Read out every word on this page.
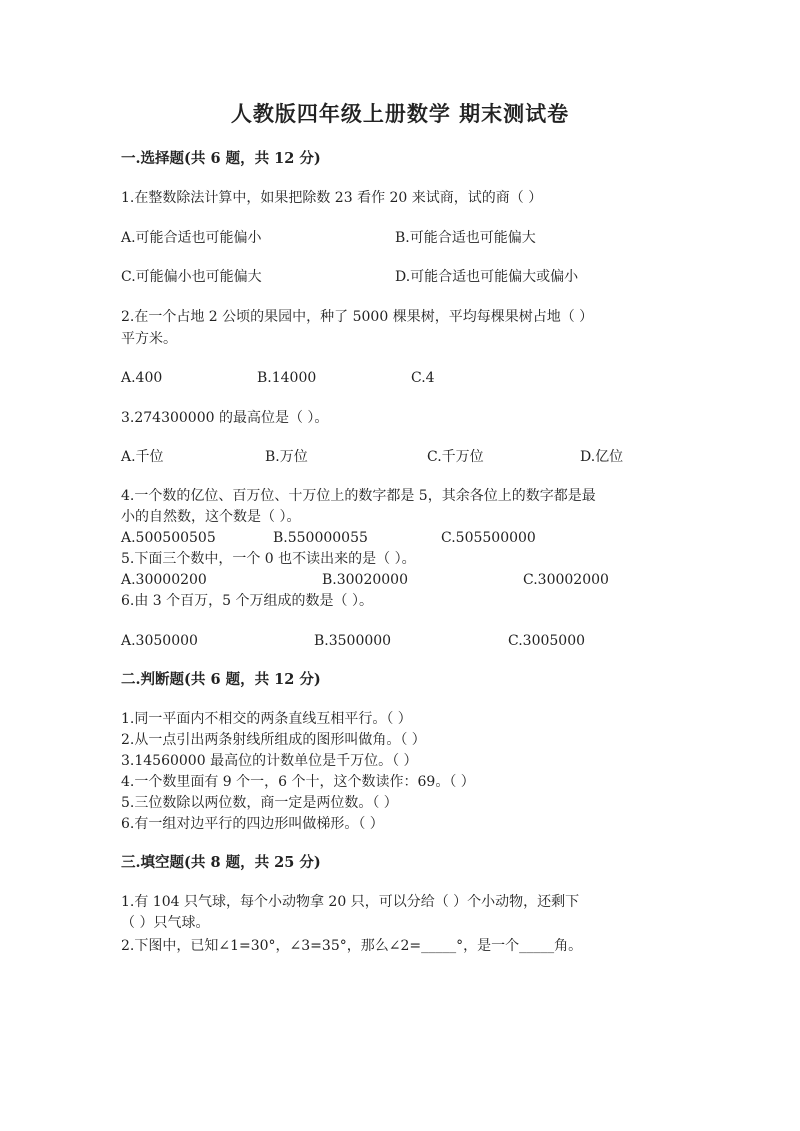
人教版四年级上册数学 期末测试卷
一.选择题(共 6 题，共 12 分)
1.在整数除法计算中，如果把除数 23 看作 20 来试商，试的商（ ）
A.可能合适也可能偏小	B.可能合适也可能偏大
C.可能偏小也可能偏大	D.可能合适也可能偏大或偏小
2.在一个占地 2 公顷的果园中，种了 5000 棵果树，平均每棵果树占地（ ）
平方米。
A.400	B.14000	C.4
3.274300000 的最高位是（ ）。
A.千位	B.万位	C.千万位	D.亿位
4.一个数的亿位、百万位、十万位上的数字都是 5，其余各位上的数字都是最
小的自然数，这个数是（ ）。
A.500500505	B.550000055	C.505500000
5.下面三个数中，一个 0 也不读出来的是（ ）。
A.30000200	B.30020000	C.30002000
6.由 3 个百万，5 个万组成的数是（ ）。
A.3050000	B.3500000	C.3005000
二.判断题(共 6 题，共 12 分)
1.同一平面内不相交的两条直线互相平行。（ ）
2.从一点引出两条射线所组成的图形叫做角。（ ）
3.14560000 最高位的计数单位是千万位。（ ）
4.一个数里面有 9 个一，6 个十，这个数读作：69。（ ）
5.三位数除以两位数，商一定是两位数。（ ）
6.有一组对边平行的四边形叫做梯形。（ ）
三.填空题(共 8 题，共 25 分)
1.有 104 只气球，每个小动物拿 20 只，可以分给（ ）个小动物，还剩下
（ ）只气球。
2.下图中，已知∠1=30°，∠3=35°，那么∠2=_____°，是一个_____角。
